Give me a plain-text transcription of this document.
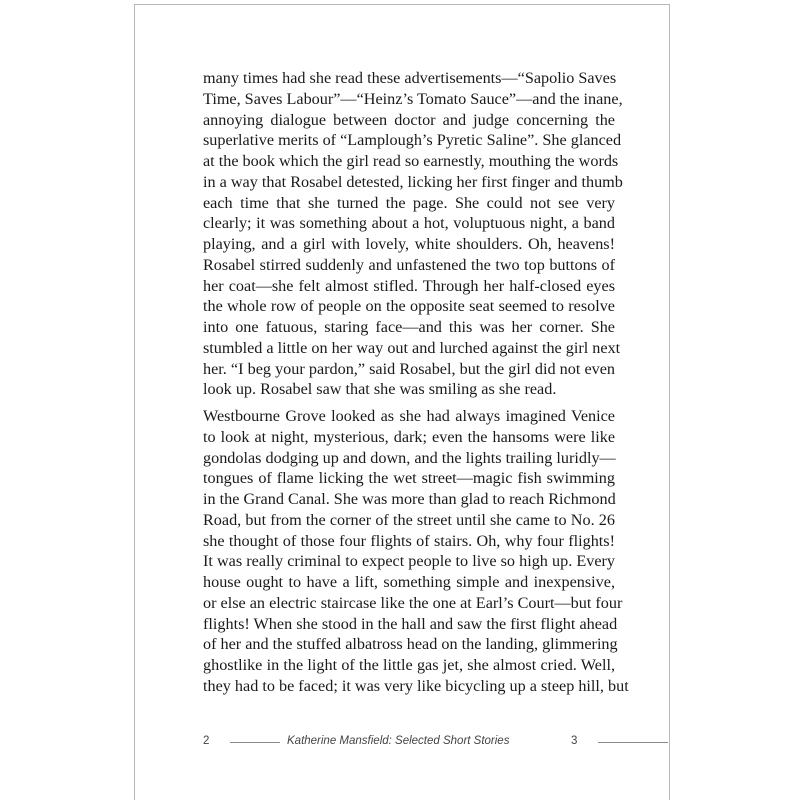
many times had she read these advertisements—“Sapolio Saves
Time, Saves Labour”—“Heinz’s Tomato Sauce”—and the inane,
annoying dialogue between doctor and judge concerning the
superlative merits of “Lamplough’s Pyretic Saline”. She glanced
at the book which the girl read so earnestly, mouthing the words
in a way that Rosabel detested, licking her first finger and thumb
each time that she turned the page. She could not see very
clearly; it was something about a hot, voluptuous night, a band
playing, and a girl with lovely, white shoulders. Oh, heavens!
Rosabel stirred suddenly and unfastened the two top buttons of
her coat—she felt almost stifled. Through her half-closed eyes
the whole row of people on the opposite seat seemed to resolve
into one fatuous, staring face—and this was her corner. She
stumbled a little on her way out and lurched against the girl next
her. “I beg your pardon,” said Rosabel, but the girl did not even
look up. Rosabel saw that she was smiling as she read.
Westbourne Grove looked as she had always imagined Venice
to look at night, mysterious, dark; even the hansoms were like
gondolas dodging up and down, and the lights trailing luridly—
tongues of flame licking the wet street—magic fish swimming
in the Grand Canal. She was more than glad to reach Richmond
Road, but from the corner of the street until she came to No. 26
she thought of those four flights of stairs. Oh, why four flights!
It was really criminal to expect people to live so high up. Every
house ought to have a lift, something simple and inexpensive,
or else an electric staircase like the one at Earl’s Court—but four
flights! When she stood in the hall and saw the first flight ahead
of her and the stuffed albatross head on the landing, glimmering
ghostlike in the light of the little gas jet, she almost cried. Well,
they had to be faced; it was very like bicycling up a steep hill, but
2	Katherine Mansfield: Selected Short Stories	3
